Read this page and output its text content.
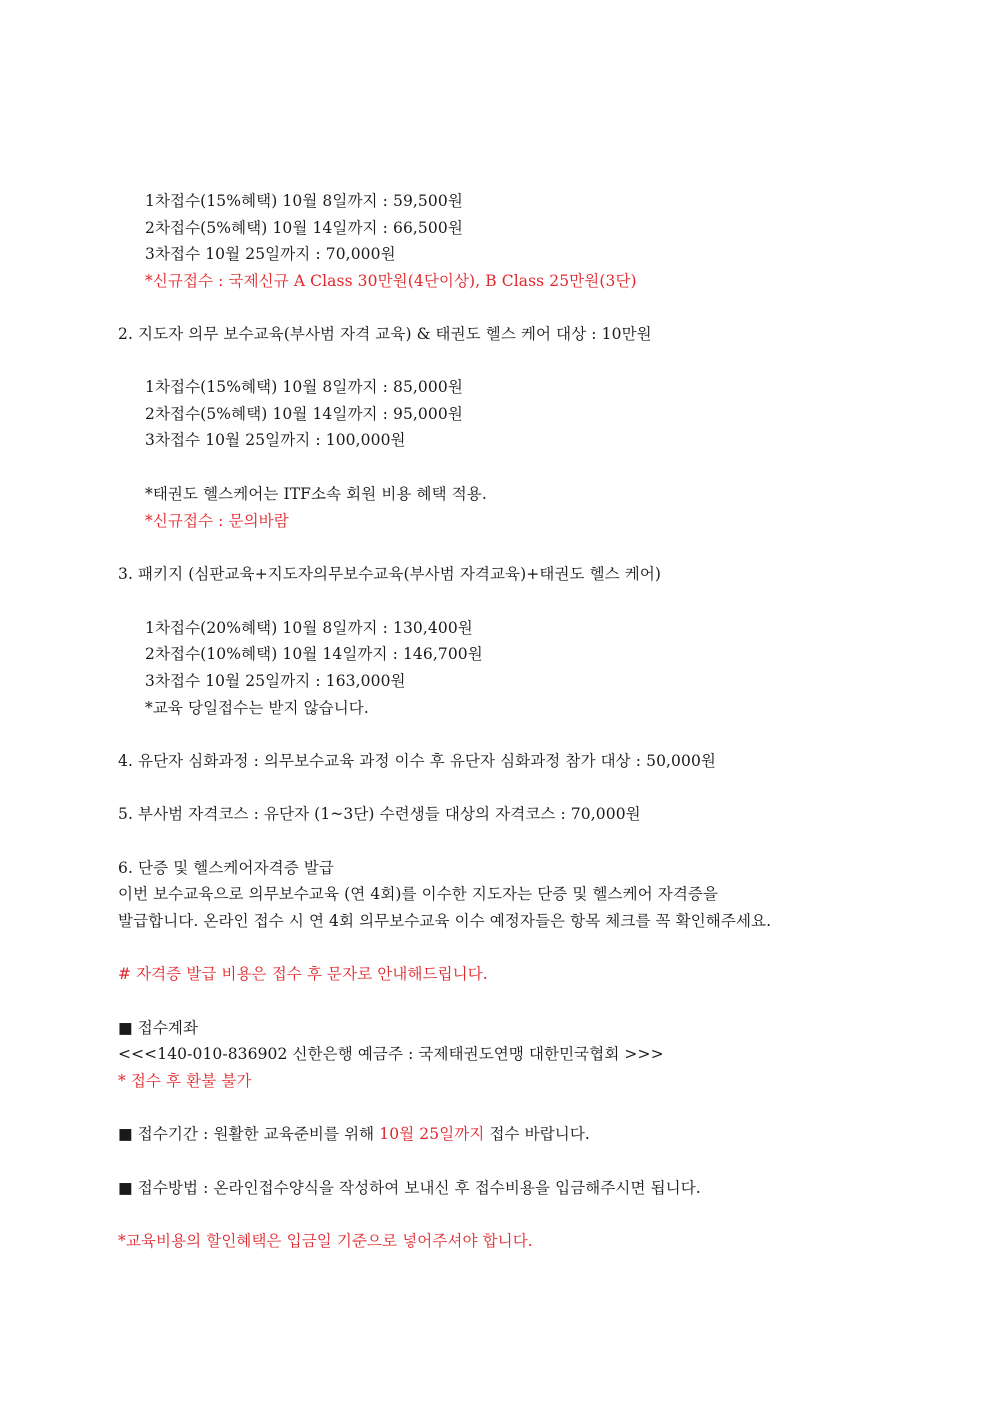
1차접수(15%혜택) 10월 8일까지 : 59,500원
2차접수(5%혜택) 10월 14일까지 : 66,500원
3차접수 10월 25일까지 : 70,000원
*신규접수 : 국제신규 A Class 30만원(4단이상), B Class 25만원(3단)
2. 지도자 의무 보수교육(부사범 자격 교육) & 태권도 헬스 케어 대상 : 10만원
1차접수(15%혜택) 10월 8일까지 : 85,000원
2차접수(5%혜택) 10월 14일까지 : 95,000원
3차접수 10월 25일까지 : 100,000원
*태권도 헬스케어는 ITF소속 회원 비용 혜택 적용.
*신규접수 : 문의바람
3. 패키지 (심판교육+지도자의무보수교육(부사범 자격교육)+태권도 헬스 케어)
1차접수(20%혜택) 10월 8일까지 : 130,400원
2차접수(10%혜택) 10월 14일까지 : 146,700원
3차접수 10월 25일까지 : 163,000원
*교육 당일접수는 받지 않습니다.
4. 유단자 심화과정 : 의무보수교육 과정 이수 후 유단자 심화과정 참가 대상 : 50,000원
5. 부사범 자격코스 : 유단자 (1~3단) 수련생들 대상의 자격코스 : 70,000원
6. 단증 및 헬스케어자격증 발급
이번 보수교육으로 의무보수교육 (연 4회)를 이수한 지도자는 단증 및 헬스케어 자격증을
발급합니다. 온라인 접수 시 연 4회 의무보수교육 이수 예정자들은 항목 체크를 꼭 확인해주세요.
# 자격증 발급 비용은 접수 후 문자로 안내해드립니다.
■ 접수계좌
<<<140-010-836902 신한은행 예금주 : 국제태권도연맹 대한민국협회 >>>
* 접수 후 환불 불가
■ 접수기간 : 원활한 교육준비를 위해 10월 25일까지 접수 바랍니다.
■ 접수방법 : 온라인접수양식을 작성하여 보내신 후 접수비용을 입금해주시면 됩니다.
*교육비용의 할인혜택은 입금일 기준으로 넣어주셔야 합니다.
